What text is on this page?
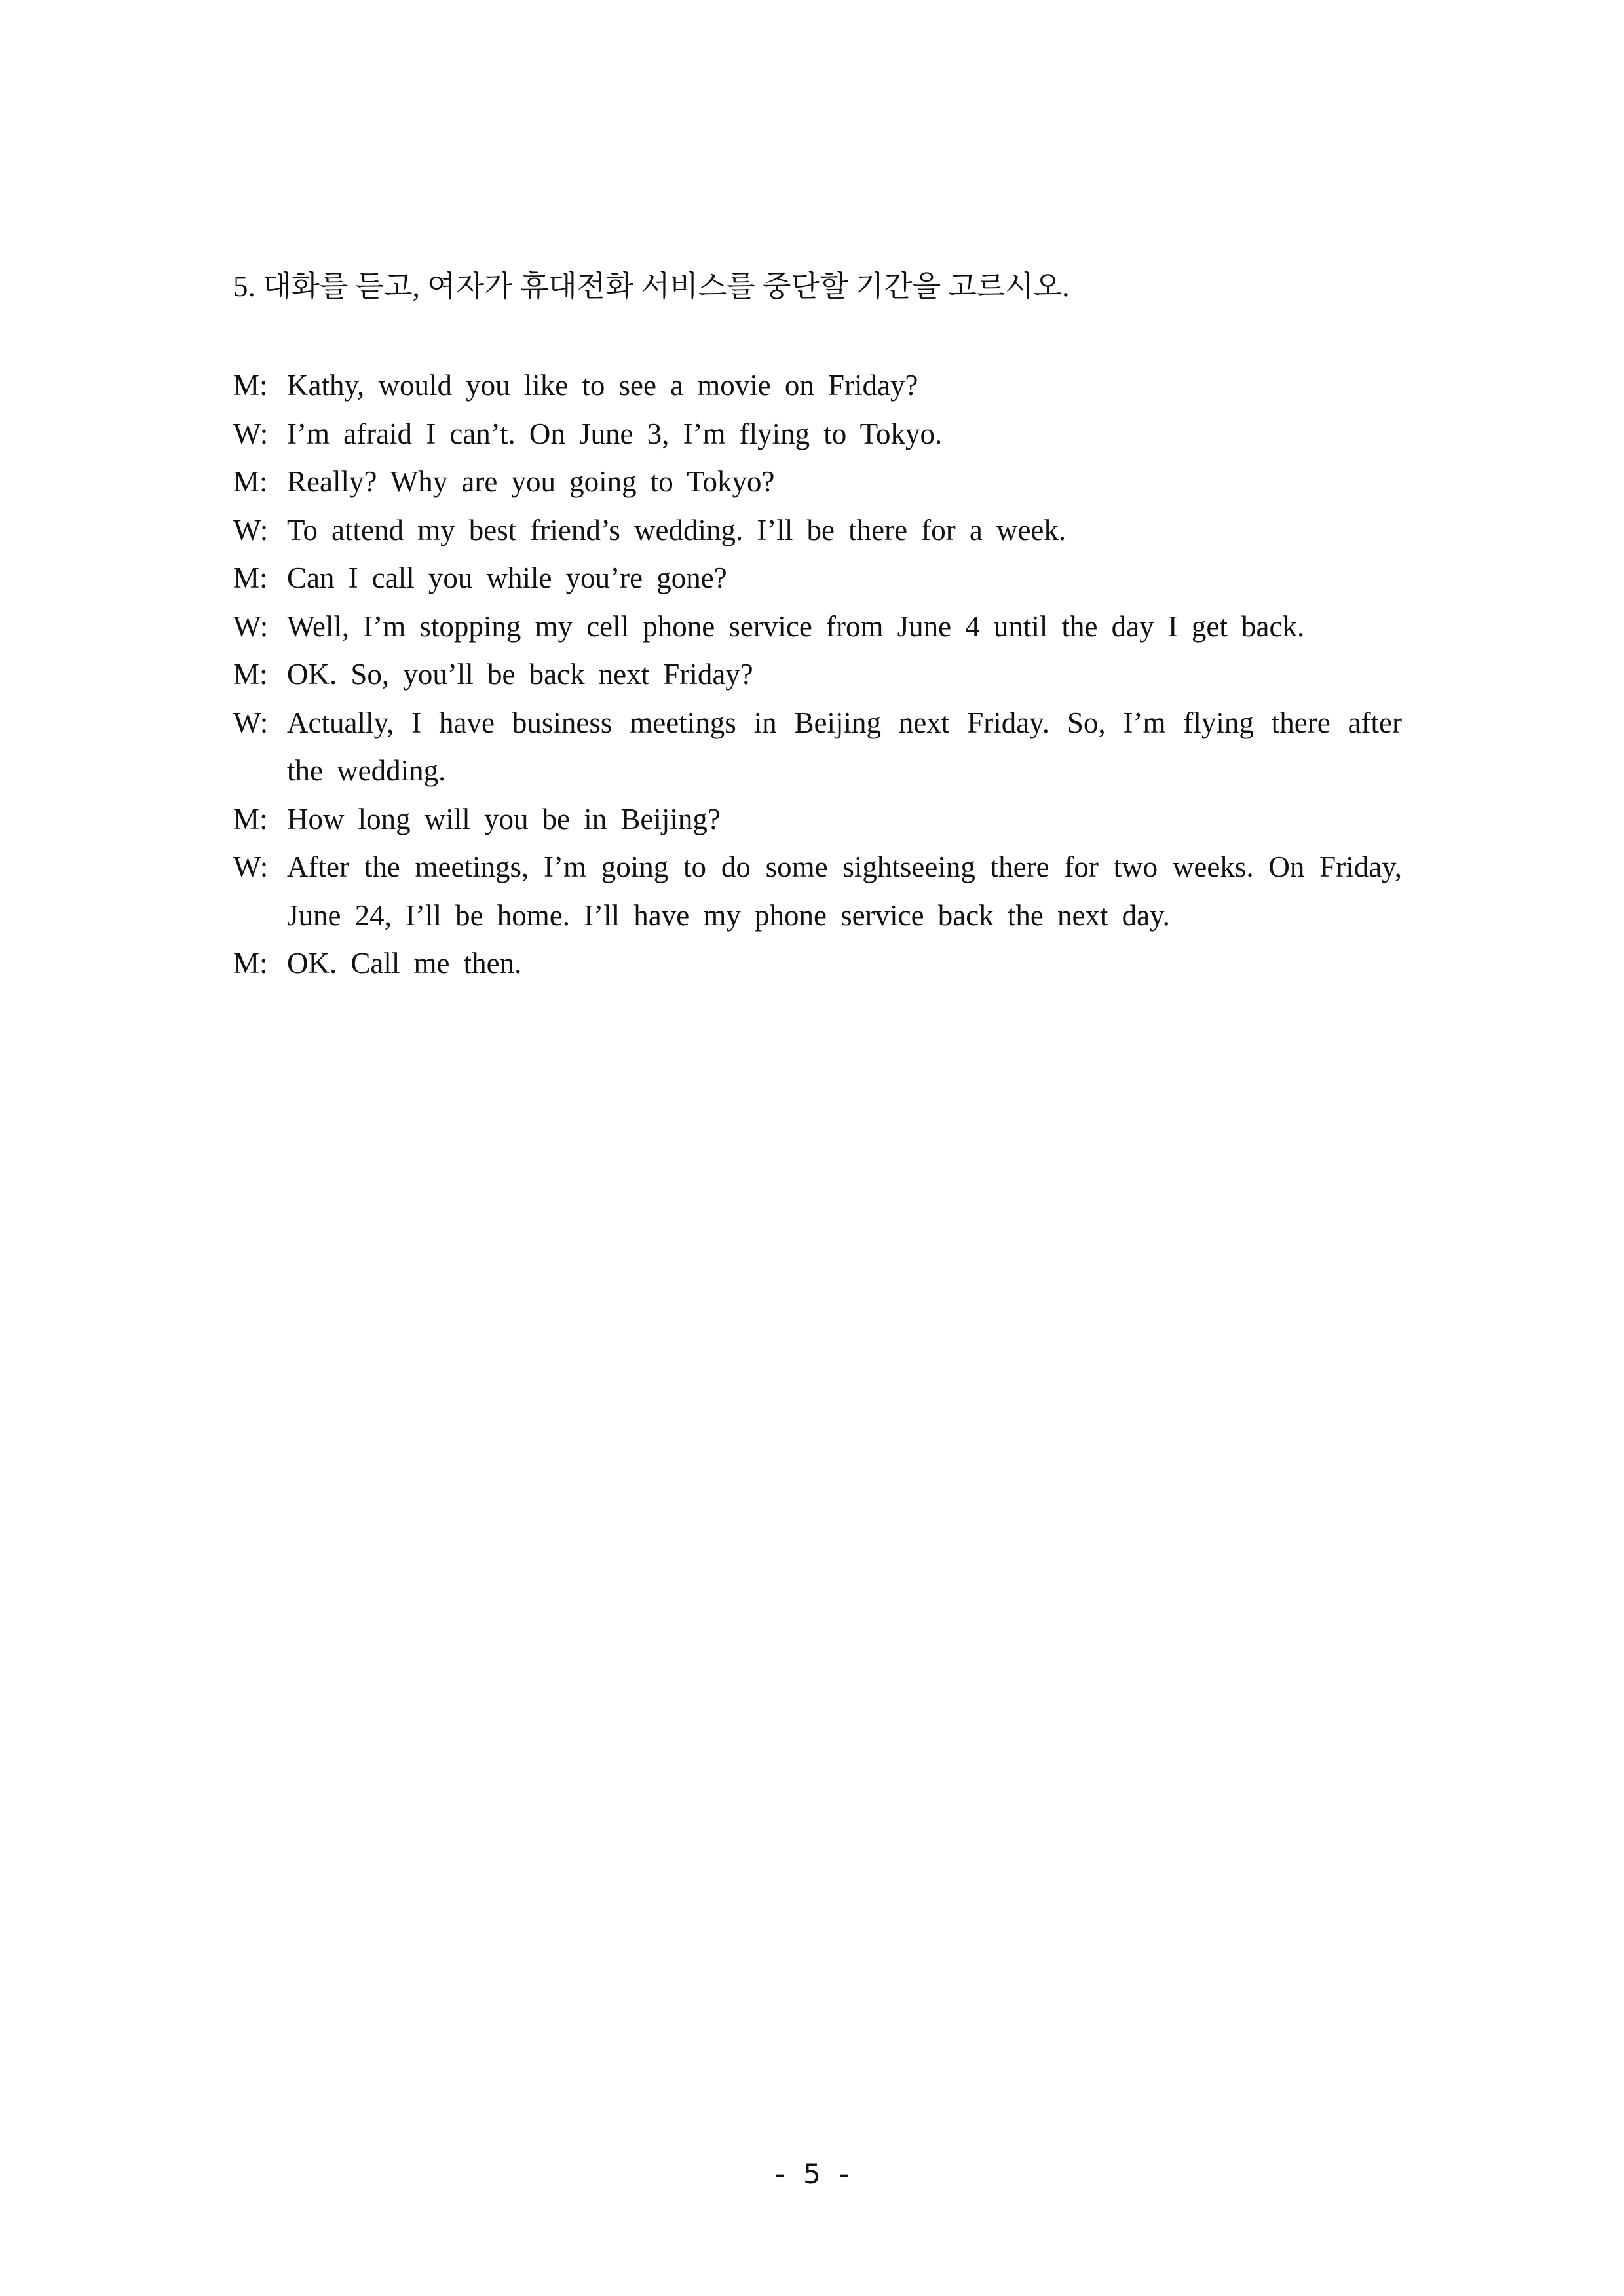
5. 대화를 듣고, 여자가 휴대전화 서비스를 중단할 기간을 고르시오.
M: Kathy, would you like to see a movie on Friday?
W: I’m afraid I can’t. On June 3, I’m flying to Tokyo.
M: Really? Why are you going to Tokyo?
W: To attend my best friend’s wedding. I’ll be there for a week.
M: Can I call you while you’re gone?
W: Well, I’m stopping my cell phone service from June 4 until the day I get back.
M: OK. So, you’ll be back next Friday?
W: Actually, I have business meetings in Beijing next Friday. So, I’m flying there after the wedding.
M: How long will you be in Beijing?
W: After the meetings, I’m going to do some sightseeing there for two weeks. On Friday, June 24, I’ll be home. I’ll have my phone service back the next day.
M: OK. Call me then.
- 5 -
